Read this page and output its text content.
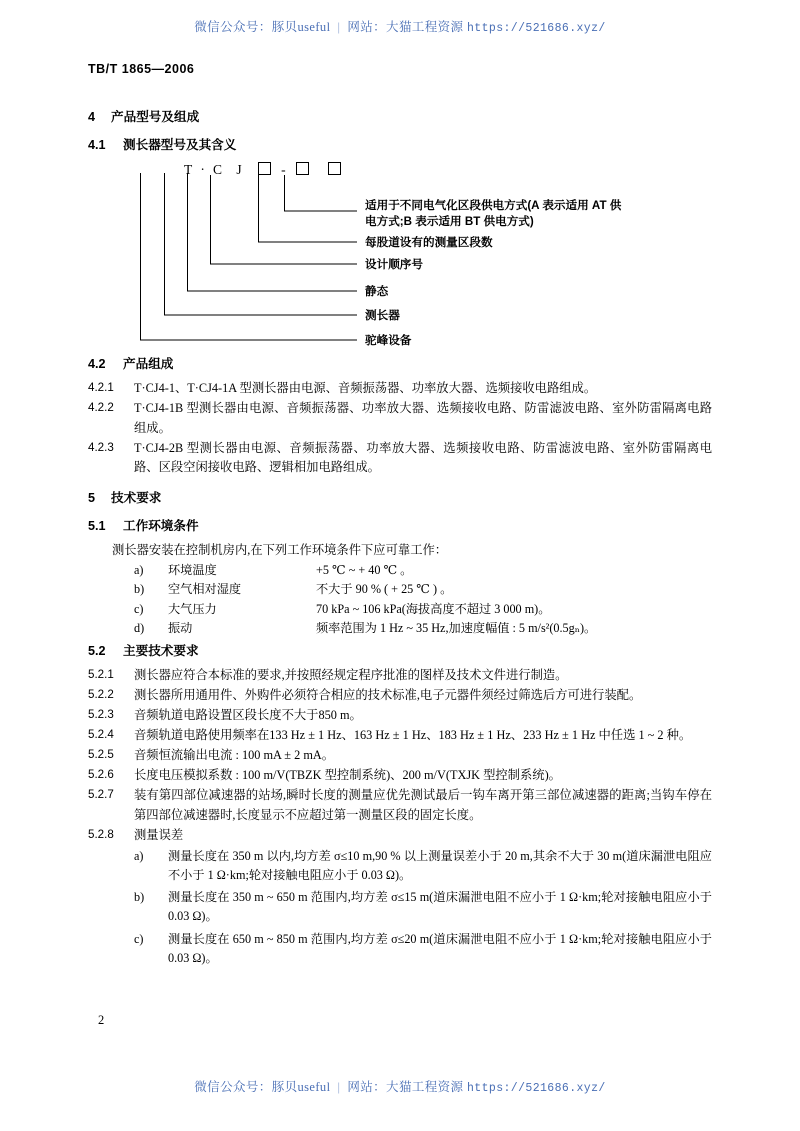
微信公众号：豚贝useful | 网站：大猫工程资源 https://521686.xyz/
TB/T 1865—2006
4 产品型号及组成
4.1 测长器型号及其含义
T · C J	-
适用于不同电气化区段供电方式(A 表示适用 AT 供电方式;B 表示适用 BT 供电方式)
每股道设有的测量区段数
设计顺序号
静态
测长器
驼峰设备
4.2 产品组成
4.2.1	T·CJ4-1、T·CJ4-1A 型测长器由电源、音频振荡器、功率放大器、选频接收电路组成。
4.2.2	T·CJ4-1B 型测长器由电源、音频振荡器、功率放大器、选频接收电路、防雷滤波电路、室外防雷隔离电路组成。
4.2.3	T·CJ4-2B 型测长器由电源、音频振荡器、功率放大器、选频接收电路、防雷滤波电路、室外防雷隔离电路、区段空闲接收电路、逻辑相加电路组成。
5 技术要求
5.1 工作环境条件
测长器安装在控制机房内,在下列工作环境条件下应可靠工作：
a)	环境温度	+5 ℃ ~ + 40 ℃ 。
b)	空气相对湿度	不大于 90 % ( + 25 ℃ ) 。
c)	大气压力	70 kPa ~ 106 kPa(海拔高度不超过 3 000 m)。
d)	振动	频率范围为 1 Hz ~ 35 Hz,加速度幅值 : 5 m/s²(0.5gₙ)。
5.2 主要技术要求
5.2.1	测长器应符合本标准的要求,并按照经规定程序批准的图样及技术文件进行制造。
5.2.2	测长器所用通用件、外购件必须符合相应的技术标准,电子元器件须经过筛选后方可进行装配。
5.2.3	音频轨道电路设置区段长度不大于850 m。
5.2.4	音频轨道电路使用频率在133 Hz ± 1 Hz、163 Hz ± 1 Hz、183 Hz ± 1 Hz、233 Hz ± 1 Hz 中任选 1 ~ 2 种。
5.2.5	音频恒流输出电流 : 100 mA ± 2 mA。
5.2.6	长度电压模拟系数 : 100 m/V(TBZK 型控制系统)、200 m/V(TXJK 型控制系统)。
5.2.7	装有第四部位减速器的站场,瞬时长度的测量应优先测试最后一钩车离开第三部位减速器的距离;当钩车停在第四部位减速器时,长度显示不应超过第一测量区段的固定长度。
5.2.8	测量误差
a)	测量长度在 350 m 以内,均方差 σ≤10 m,90 % 以上测量误差小于 20 m,其余不大于 30 m(道床漏泄电阻应不小于 1 Ω·km;轮对接触电阻应小于 0.03 Ω)。
b)	测量长度在 350 m ~ 650 m 范围内,均方差 σ≤15 m(道床漏泄电阻不应小于 1 Ω·km;轮对接触电阻应小于 0.03 Ω)。
c)	测量长度在 650 m ~ 850 m 范围内,均方差 σ≤20 m(道床漏泄电阻不应小于 1 Ω·km;轮对接触电阻应小于 0.03 Ω)。
2
微信公众号：豚贝useful | 网站：大猫工程资源 https://521686.xyz/
